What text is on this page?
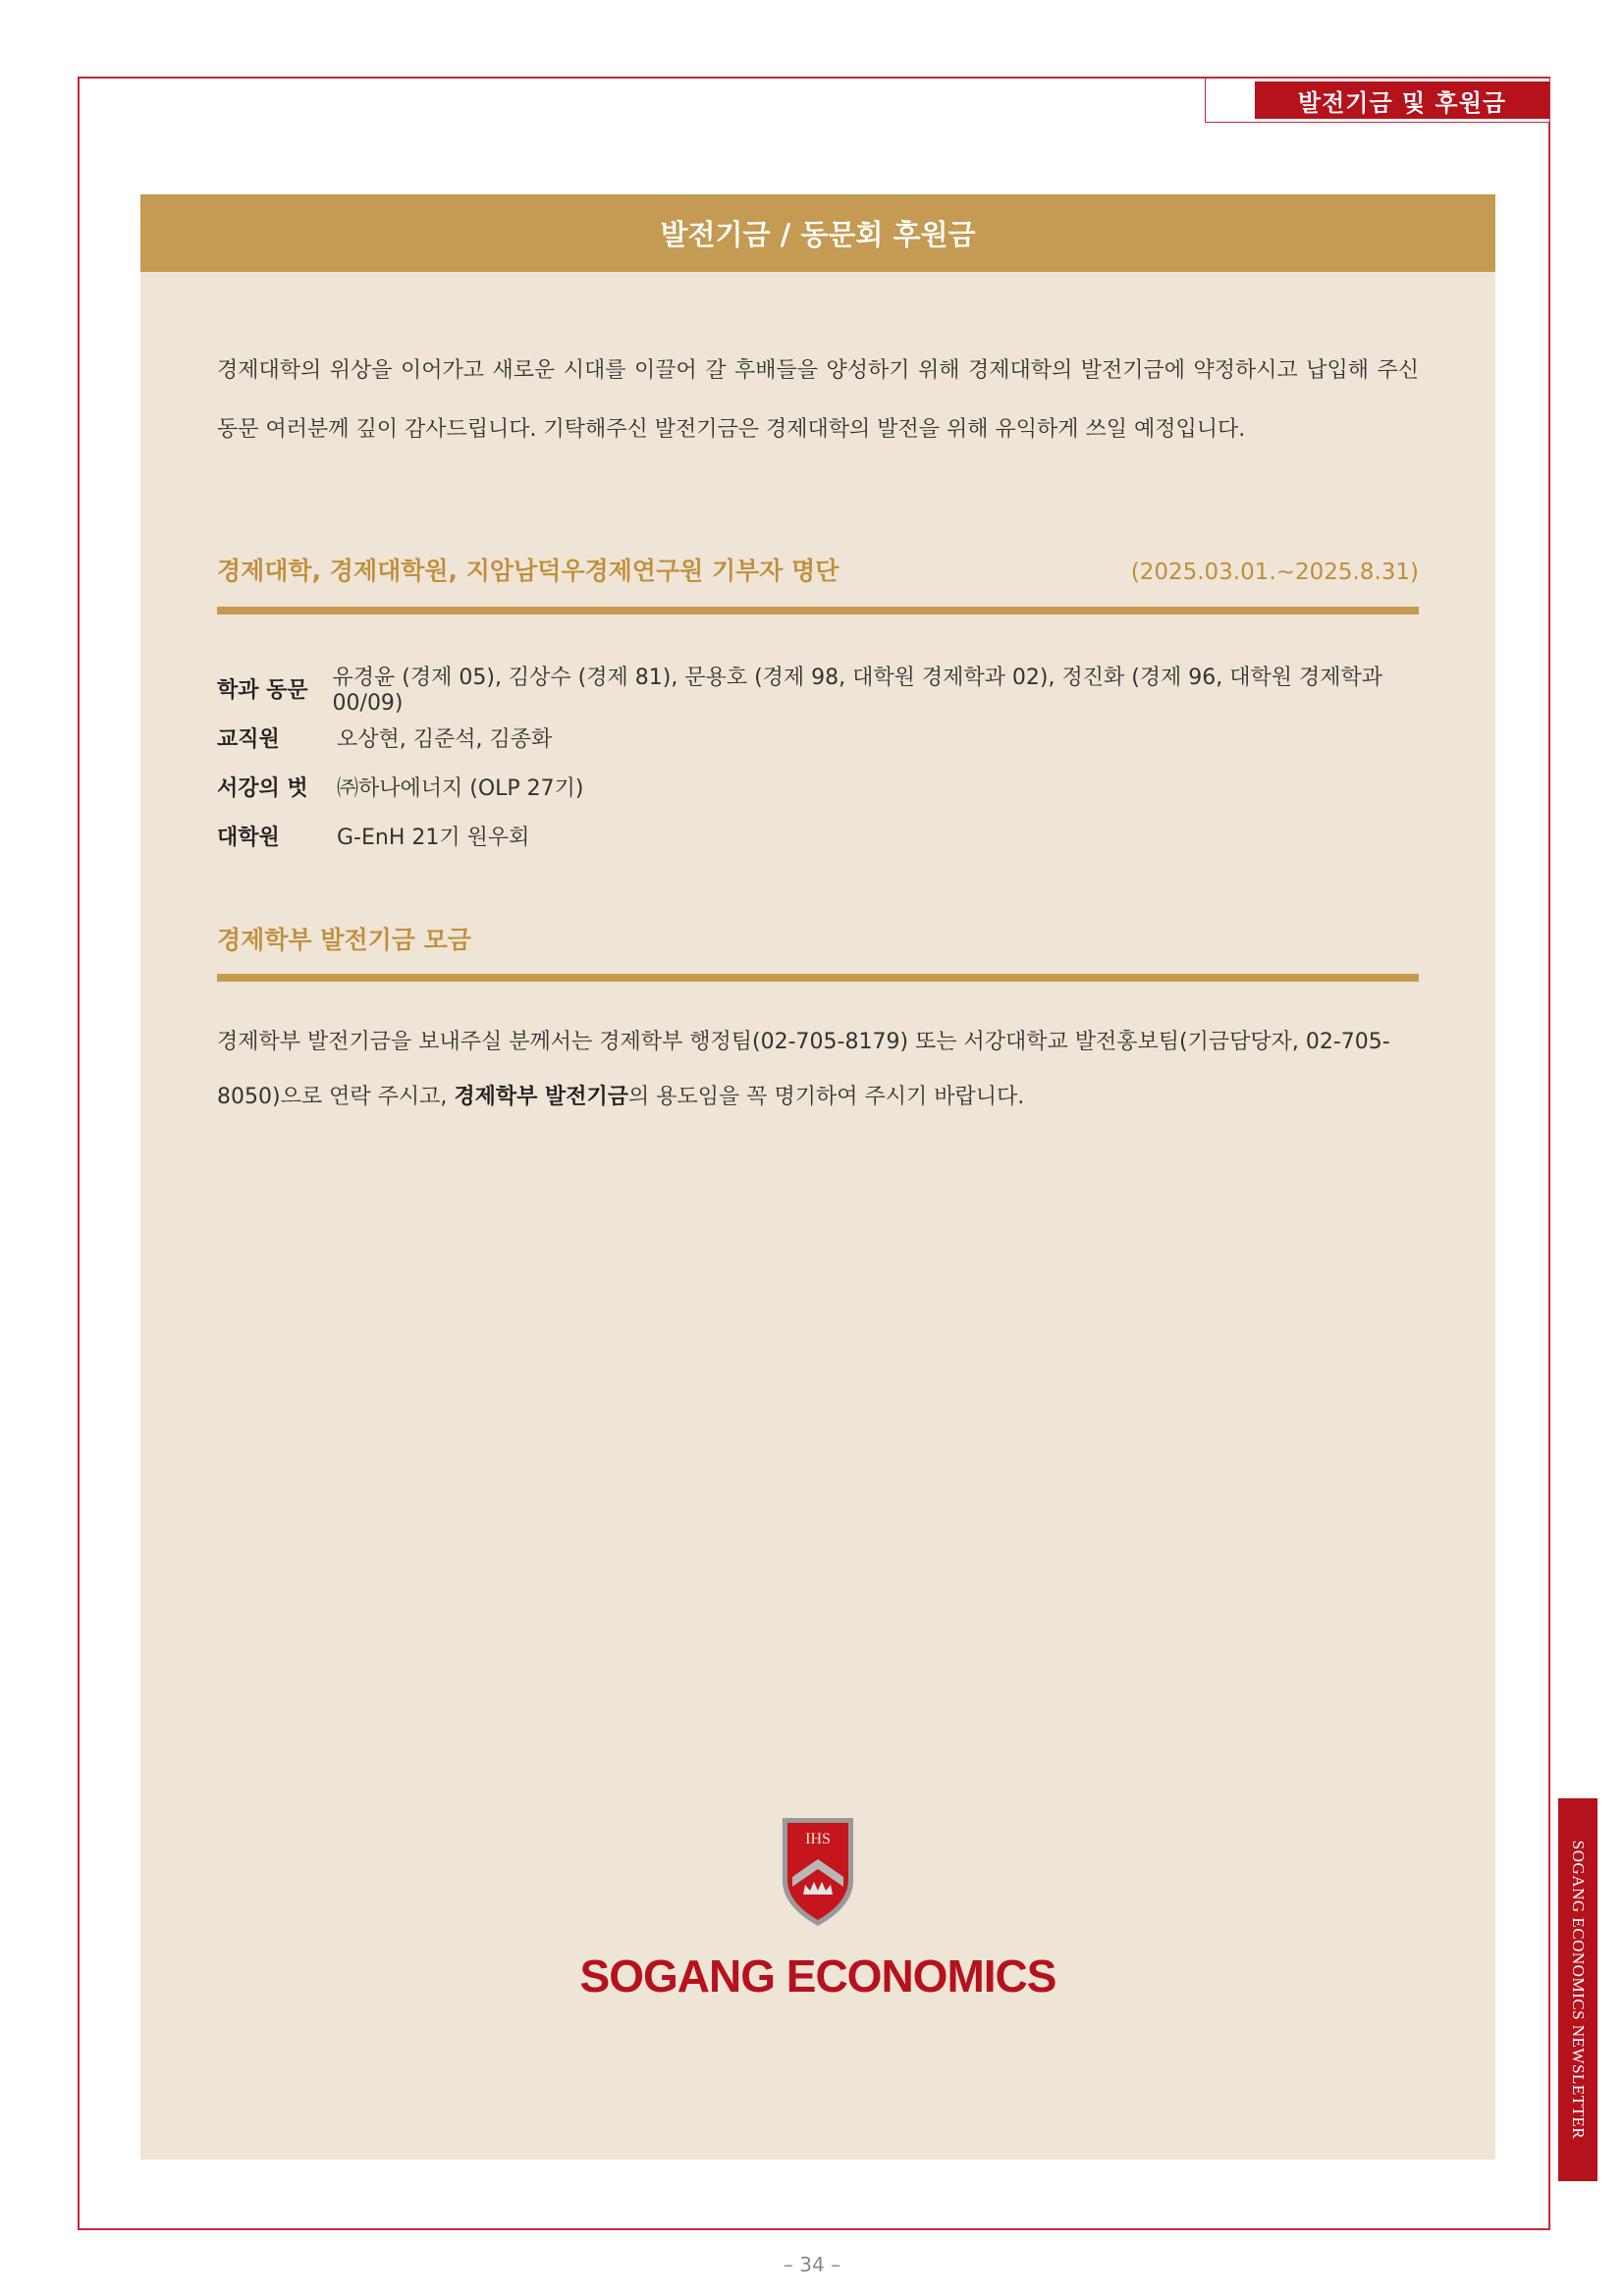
발전기금 및 후원금
발전기금 / 동문회 후원금

경제대학의 위상을 이어가고 새로운 시대를 이끌어 갈 후배들을 양성하기 위해 경제대학의 발전기금에 약정하시고 납입해 주신 동문 여러분께 깊이 감사드립니다. 기탁해주신 발전기금은 경제대학의 발전을 위해 유익하게 쓰일 예정입니다.

경제대학, 경제대학원, 지암남덕우경제연구원 기부자 명단	(2025.03.01.~2025.8.31)
학과 동문	유경윤 (경제 05), 김상수 (경제 81), 문용호 (경제 98, 대학원 경제학과 02), 정진화 (경제 96, 대학원 경제학과 00/09)
교직원	오상현, 김준석, 김종화
서강의 벗	㈜하나에너지 (OLP 27기)
대학원	G-EnH 21기 원우회
경제학부 발전기금 모금

경제학부 발전기금을 보내주실 분께서는 경제학부 행정팀(02-705-8179) 또는 서강대학교 발전홍보팀(기금담당자, 02-705-8050)으로 연락 주시고, 경제학부 발전기금의 용도임을 꼭 명기하여 주시기 바랍니다.

IHS
SOGANG ECONOMICS	SOGANG ECONOMICS NEWSLETTER
– 34 –
